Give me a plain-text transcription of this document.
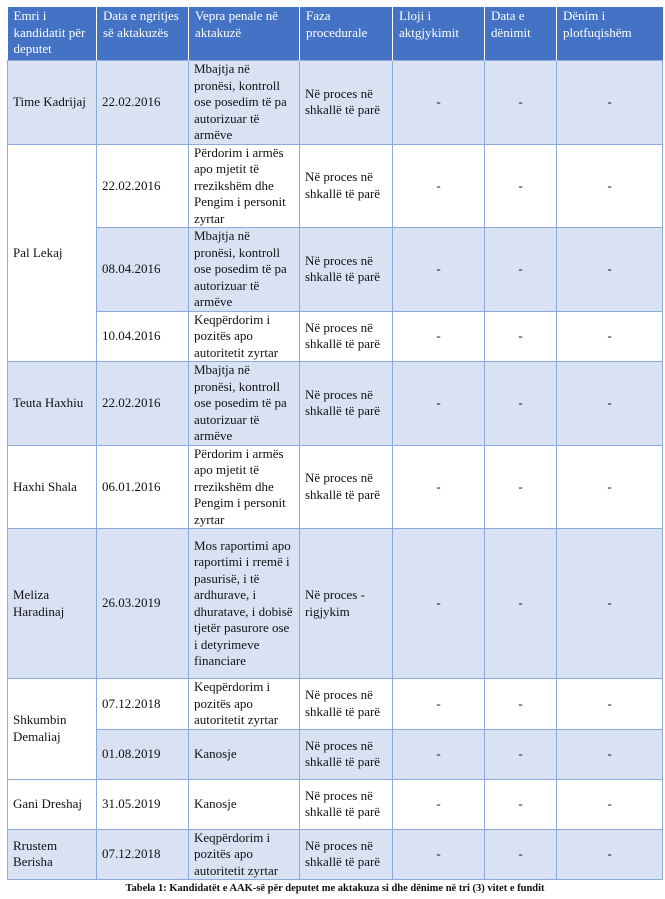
Emri i kandidatit për deputet	Data e ngritjes së aktakuzës	Vepra penale në aktakuzë	Faza procedurale	Lloji i aktgjykimit	Data e dënimit	Dënim i plotfuqishëm
Time Kadrijaj	22.02.2016	Mbajtja në pronësi, kontroll ose posedim të pa autorizuar të armëve	Në proces në shkallë të parë	-	-	-
Pal Lekaj	22.02.2016	Përdorim i armës apo mjetit të rrezikshëm dhe Pengim i personit zyrtar	Në proces në shkallë të parë	-	-	-
	08.04.2016	Mbajtja në pronësi, kontroll ose posedim të pa autorizuar të armëve	Në proces në shkallë të parë	-	-	-
	10.04.2016	Keqpërdorim i pozitës apo autoritetit zyrtar	Në proces në shkallë të parë	-	-	-
Teuta Haxhiu	22.02.2016	Mbajtja në pronësi, kontroll ose posedim të pa autorizuar të armëve	Në proces në shkallë të parë	-	-	-
Haxhi Shala	06.01.2016	Përdorim i armës apo mjetit të rrezikshëm dhe Pengim i personit zyrtar	Në proces në shkallë të parë	-	-	-
Meliza Haradinaj	26.03.2019	Mos raportimi apo raportimi i rremë i pasurisë, i të ardhurave, i dhuratave, i dobisë tjetër pasurore ose i detyrimeve financiare	Në proces - rigjykim	-	-	-
Shkumbin Demaliaj	07.12.2018	Keqpërdorim i pozitës apo autoritetit zyrtar	Në proces në shkallë të parë	-	-	-
	01.08.2019	Kanosje	Në proces në shkallë të parë	-	-	-
Gani Dreshaj	31.05.2019	Kanosje	Në proces në shkallë të parë	-	-	-
Rrustem Berisha	07.12.2018	Keqpërdorim i pozitës apo autoritetit zyrtar	Në proces në shkallë të parë	-	-	-
Tabela 1: Kandidatët e AAK-së për deputet me aktakuza si dhe dënime në tri (3) vitet e fundit						
